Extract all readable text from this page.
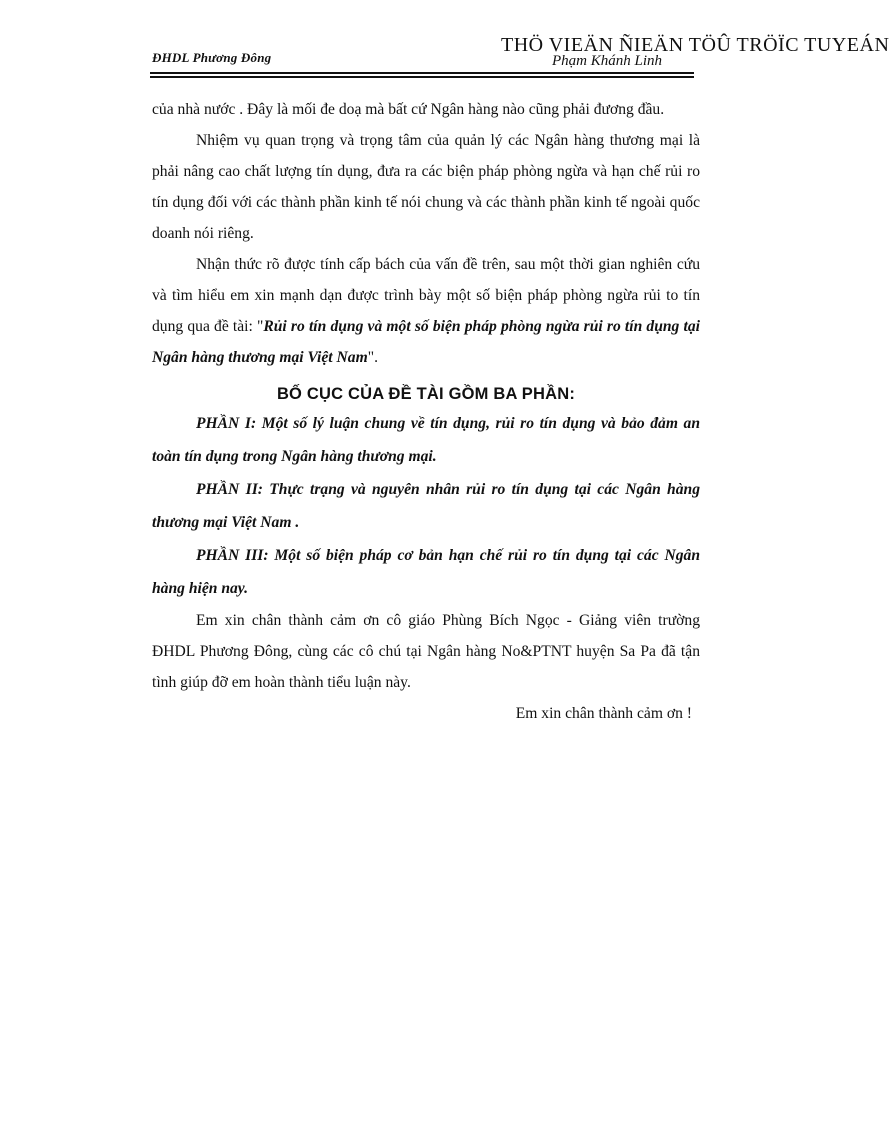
ĐHDL Phương Đông
THÖ VIEÄN ÑIEÄN TÖÛ TRÖÏC TUYEÁN
Phạm Khánh Linh

của nhà nước . Đây là mối đe doạ mà bất cứ Ngân hàng nào cũng phải đương đầu.

Nhiệm vụ quan trọng và trọng tâm của quản lý các Ngân hàng thương mại là phải nâng cao chất lượng tín dụng, đưa ra các biện pháp phòng ngừa và hạn chế rủi ro tín dụng đối với các thành phần kinh tế nói chung và các thành phần kinh tế ngoài quốc doanh nói riêng.

Nhận thức rõ được tính cấp bách của vấn đề trên, sau một thời gian nghiên cứu và tìm hiểu em xin mạnh dạn được trình bày một số biện pháp phòng ngừa rủi to tín dụng qua đề tài: "Rủi ro tín dụng và một số biện pháp phòng ngừa rủi ro tín dụng tại Ngân hàng thương mại Việt Nam".

BỐ CỤC CỦA ĐỀ TÀI GỒM BA PHẦN:

PHẦN I: Một số lý luận chung về tín dụng, rủi ro tín dụng và bảo đảm an toàn tín dụng trong Ngân hàng thương mại.

PHẦN II: Thực trạng và nguyên nhân rủi ro tín dụng tại các Ngân hàng thương mại Việt Nam .

PHẦN III: Một số biện pháp cơ bản hạn chế rủi ro tín dụng tại các Ngân hàng hiện nay.

Em xin chân thành cảm ơn cô giáo Phùng Bích Ngọc - Giảng viên trường ĐHDL Phương Đông, cùng các cô chú tại Ngân hàng No&PTNT huyện Sa Pa đã tận tình giúp đỡ em hoàn thành tiểu luận này.

Em xin chân thành cảm ơn !
